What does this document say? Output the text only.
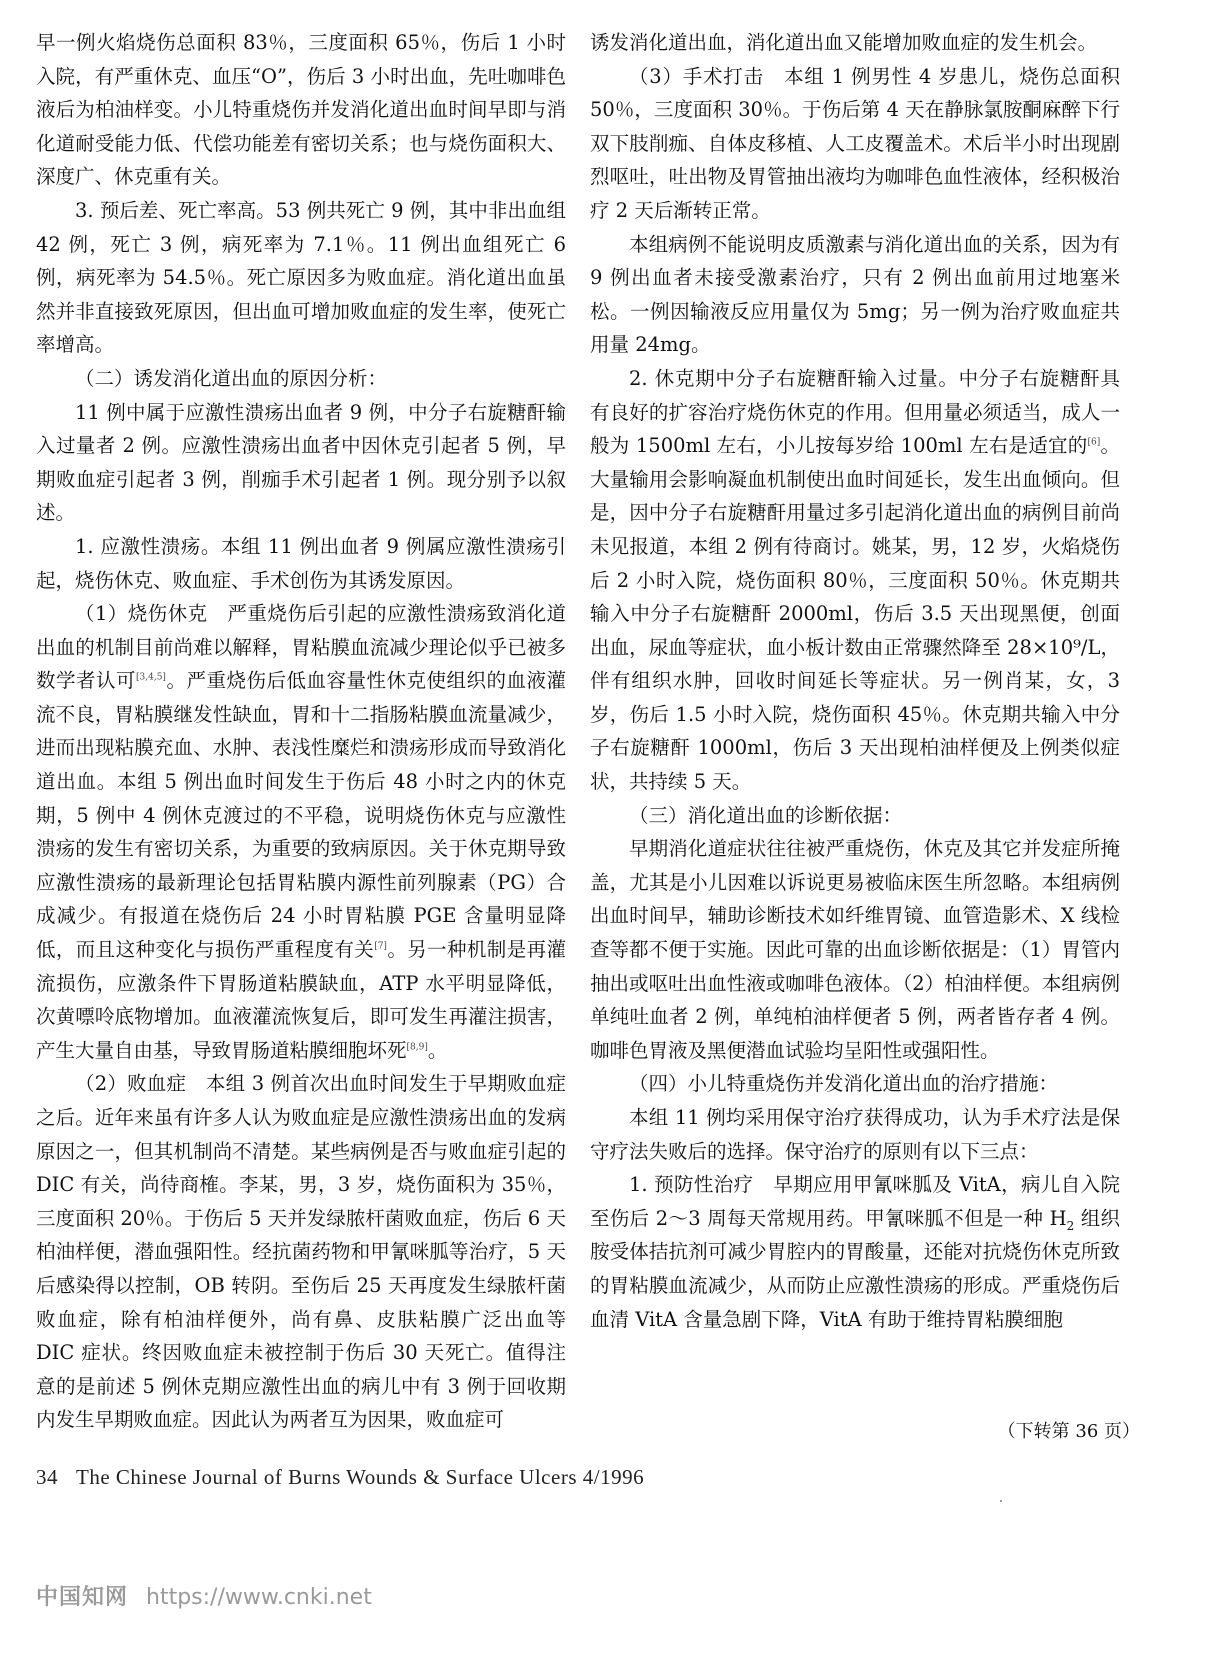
早一例火焰烧伤总面积 83％，三度面积 65％，伤后 1 小时入院，有严重休克、血压“O”，伤后 3 小时出血，先吐咖啡色液后为柏油样变。小儿特重烧伤并发消化道出血时间早即与消化道耐受能力低、代偿功能差有密切关系；也与烧伤面积大、深度广、休克重有关。

3. 预后差、死亡率高。53 例共死亡 9 例，其中非出血组 42 例，死亡 3 例，病死率为 7.1％。11 例出血组死亡 6 例，病死率为 54.5％。死亡原因多为败血症。消化道出血虽然并非直接致死原因，但出血可增加败血症的发生率，使死亡率增高。

（二）诱发消化道出血的原因分析：

11 例中属于应激性溃疡出血者 9 例，中分子右旋糖酐输入过量者 2 例。应激性溃疡出血者中因休克引起者 5 例，早期败血症引起者 3 例，削痂手术引起者 1 例。现分别予以叙述。

1. 应激性溃疡。本组 11 例出血者 9 例属应激性溃疡引起，烧伤休克、败血症、手术创伤为其诱发原因。

（1）烧伤休克　严重烧伤后引起的应激性溃疡致消化道出血的机制目前尚难以解释，胃粘膜血流减少理论似乎已被多数学者认可[3,4,5]。严重烧伤后低血容量性休克使组织的血液灌流不良，胃粘膜继发性缺血，胃和十二指肠粘膜血流量减少，进而出现粘膜充血、水肿、表浅性糜烂和溃疡形成而导致消化道出血。本组 5 例出血时间发生于伤后 48 小时之内的休克期，5 例中 4 例休克渡过的不平稳，说明烧伤休克与应激性溃疡的发生有密切关系，为重要的致病原因。关于休克期导致应激性溃疡的最新理论包括胃粘膜内源性前列腺素（PG）合成减少。有报道在烧伤后 24 小时胃粘膜 PGE 含量明显降低，而且这种变化与损伤严重程度有关[7]。另一种机制是再灌流损伤，应激条件下胃肠道粘膜缺血，ATP 水平明显降低，次黄嘌呤底物增加。血液灌流恢复后，即可发生再灌注损害，产生大量自由基，导致胃肠道粘膜细胞坏死[8,9]。

（2）败血症　本组 3 例首次出血时间发生于早期败血症之后。近年来虽有许多人认为败血症是应激性溃疡出血的发病原因之一，但其机制尚不清楚。某些病例是否与败血症引起的 DIC 有关，尚待商榷。李某，男，3 岁，烧伤面积为 35％，三度面积 20％。于伤后 5 天并发绿脓杆菌败血症，伤后 6 天柏油样便，潜血强阳性。经抗菌药物和甲氰咪胍等治疗，5 天后感染得以控制，OB 转阴。至伤后 25 天再度发生绿脓杆菌败血症，除有柏油样便外，尚有鼻、皮肤粘膜广泛出血等 DIC 症状。终因败血症未被控制于伤后 30 天死亡。值得注意的是前述 5 例休克期应激性出血的病儿中有 3 例于回收期内发生早期败血症。因此认为两者互为因果，败血症可

诱发消化道出血，消化道出血又能增加败血症的发生机会。

（3）手术打击　本组 1 例男性 4 岁患儿，烧伤总面积 50％，三度面积 30％。于伤后第 4 天在静脉氯胺酮麻醉下行双下肢削痂、自体皮移植、人工皮覆盖术。术后半小时出现剧烈呕吐，吐出物及胃管抽出液均为咖啡色血性液体，经积极治疗 2 天后渐转正常。

本组病例不能说明皮质激素与消化道出血的关系，因为有 9 例出血者未接受激素治疗，只有 2 例出血前用过地塞米松。一例因输液反应用量仅为 5mg；另一例为治疗败血症共用量 24mg。

2. 休克期中分子右旋糖酐输入过量。中分子右旋糖酐具有良好的扩容治疗烧伤休克的作用。但用量必须适当，成人一般为 1500ml 左右，小儿按每岁给 100ml 左右是适宜的[6]。大量输用会影响凝血机制使出血时间延长，发生出血倾向。但是，因中分子右旋糖酐用量过多引起消化道出血的病例目前尚未见报道，本组 2 例有待商讨。姚某，男，12 岁，火焰烧伤后 2 小时入院，烧伤面积 80％，三度面积 50％。休克期共输入中分子右旋糖酐 2000ml，伤后 3.5 天出现黑便，创面出血，尿血等症状，血小板计数由正常骤然降至 28×10⁹/L，伴有组织水肿，回收时间延长等症状。另一例肖某，女，3 岁，伤后 1.5 小时入院，烧伤面积 45％。休克期共输入中分子右旋糖酐 1000ml，伤后 3 天出现柏油样便及上例类似症状，共持续 5 天。

（三）消化道出血的诊断依据：

早期消化道症状往往被严重烧伤，休克及其它并发症所掩盖，尤其是小儿因难以诉说更易被临床医生所忽略。本组病例出血时间早，辅助诊断技术如纤维胃镜、血管造影术、X 线检查等都不便于实施。因此可靠的出血诊断依据是：（1）胃管内抽出或呕吐出血性液或咖啡色液体。（2）柏油样便。本组病例单纯吐血者 2 例，单纯柏油样便者 5 例，两者皆存者 4 例。咖啡色胃液及黑便潜血试验均呈阳性或强阳性。

（四）小儿特重烧伤并发消化道出血的治疗措施：

本组 11 例均采用保守治疗获得成功，认为手术疗法是保守疗法失败后的选择。保守治疗的原则有以下三点：

1. 预防性治疗　早期应用甲氰咪胍及 VitA，病儿自入院至伤后 2～3 周每天常规用药。甲氰咪胍不但是一种 $H_2$ 组织胺受体拮抗剂可减少胃腔内的胃酸量，还能对抗烧伤休克所致的胃粘膜血流减少，从而防止应激性溃疡的形成。严重烧伤后血清 VitA 含量急剧下降，VitA 有助于维持胃粘膜细胞

（下转第 36 页）
34 The Chinese Journal of Burns Wounds & Surface Ulcers 4/1996
中国知网 https://www.cnki.net
